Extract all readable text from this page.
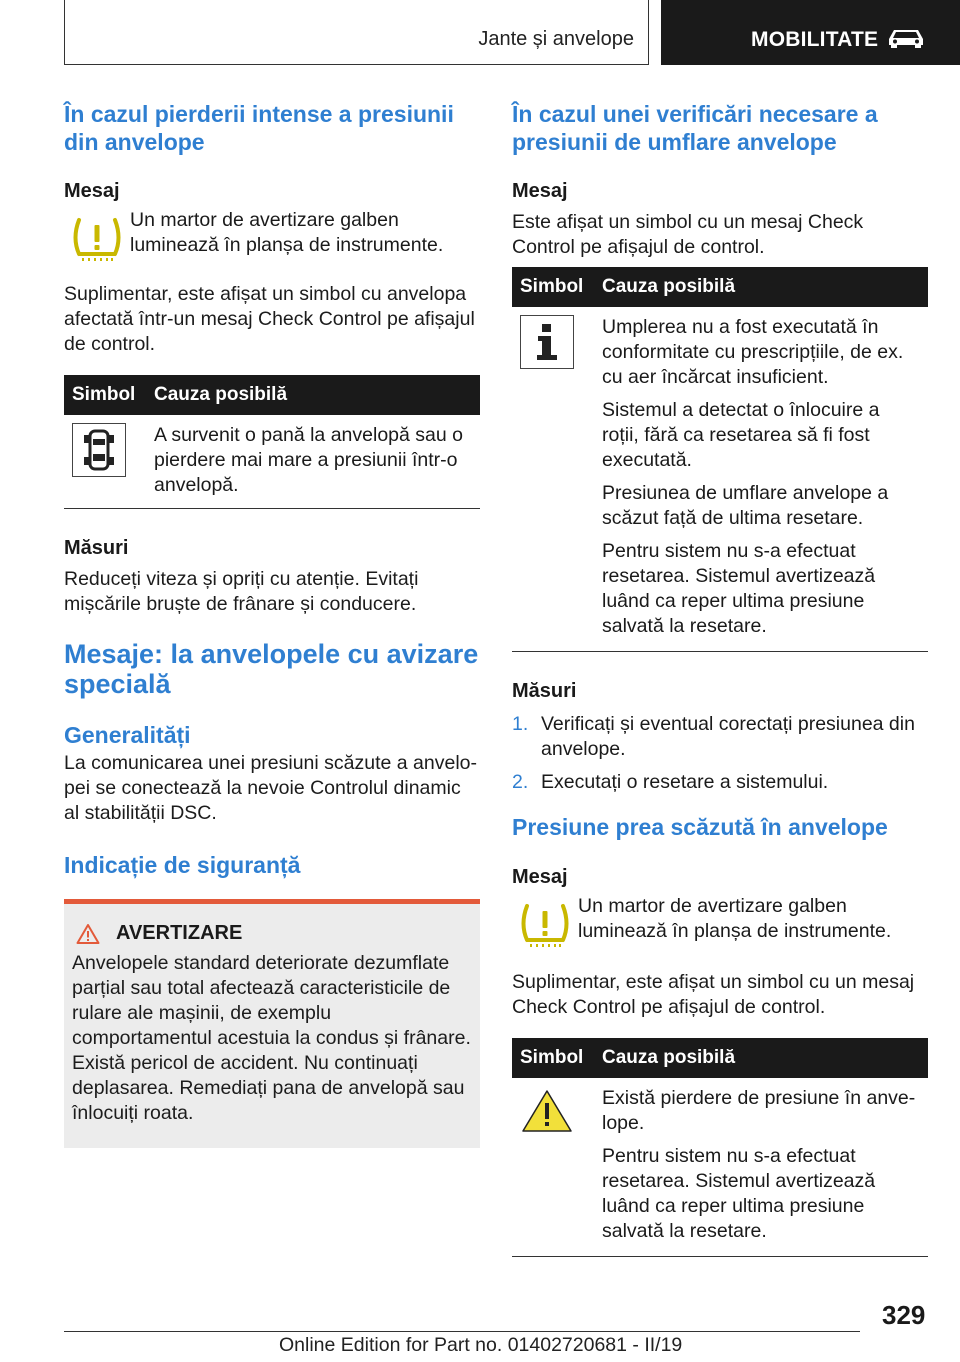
Jante și anvelope	MOBILITATE
În cazul pierderii intense a presiunii din anvelope
Mesaj
Un martor de avertizare galben luminează în planșa de instrumente.

Suplimentar, este afișat un simbol cu anvelopa afectată într-un mesaj Check Control pe afișajul de control.

Simbol	Cauza posibilă

	A survenit o pană la anvelopă sau o pierdere mai mare a presiunii într-o anvelopă.
Măsuri

Reduceți viteza și opriți cu atenție. Evitați mișcările bruște de frânare și conducere.

Mesaje: la anvelopele cu avizare specială
Generalități

La comunicarea unei presiuni scăzute a anvelopei se conectează la nevoie Controlul dinamic al stabilității DSC.

Indicație de siguranță
AVERTIZARE

Anvelopele standard deteriorate dezumflate parțial sau total afectează caracteristicile de rulare ale mașinii, de exemplu comportamentul acestuia la condus și frânare. Există pericol de accident. Nu continuați deplasarea. Remediați pana de anvelopă sau înlocuiți roata.

În cazul unei verificări necesare a presiunii de umflare anvelope
Mesaj

Este afișat un simbol cu un mesaj Check Control pe afișajul de control.

Simbol	Cauza posibilă

Umplerea nu a fost executată în conformitate cu prescripțiile, de ex. cu aer încărcat insuficient.

Sistemul a detectat o înlocuire a roții, fără ca resetarea să fi fost executată.

Presiunea de umflare anvelope a scăzut față de ultima resetare.

Pentru sistem nu s-a efectuat resetarea. Sistemul avertizează luând ca reper ultima presiune salvată la resetare.

Măsuri
1. Verificați și eventual corectați presiunea din anvelope.
2. Executați o resetare a sistemului.
Presiune prea scăzută în anvelope
Mesaj
Un martor de avertizare galben luminează în planșa de instrumente.

Suplimentar, este afișat un simbol cu un mesaj Check Control pe afișajul de control.

Simbol	Cauza posibilă

Există pierdere de presiune în anvelope.

Pentru sistem nu s-a efectuat resetarea. Sistemul avertizează luând ca reper ultima presiune salvată la resetare.

329
Online Edition for Part no. 01402720681 - II/19
